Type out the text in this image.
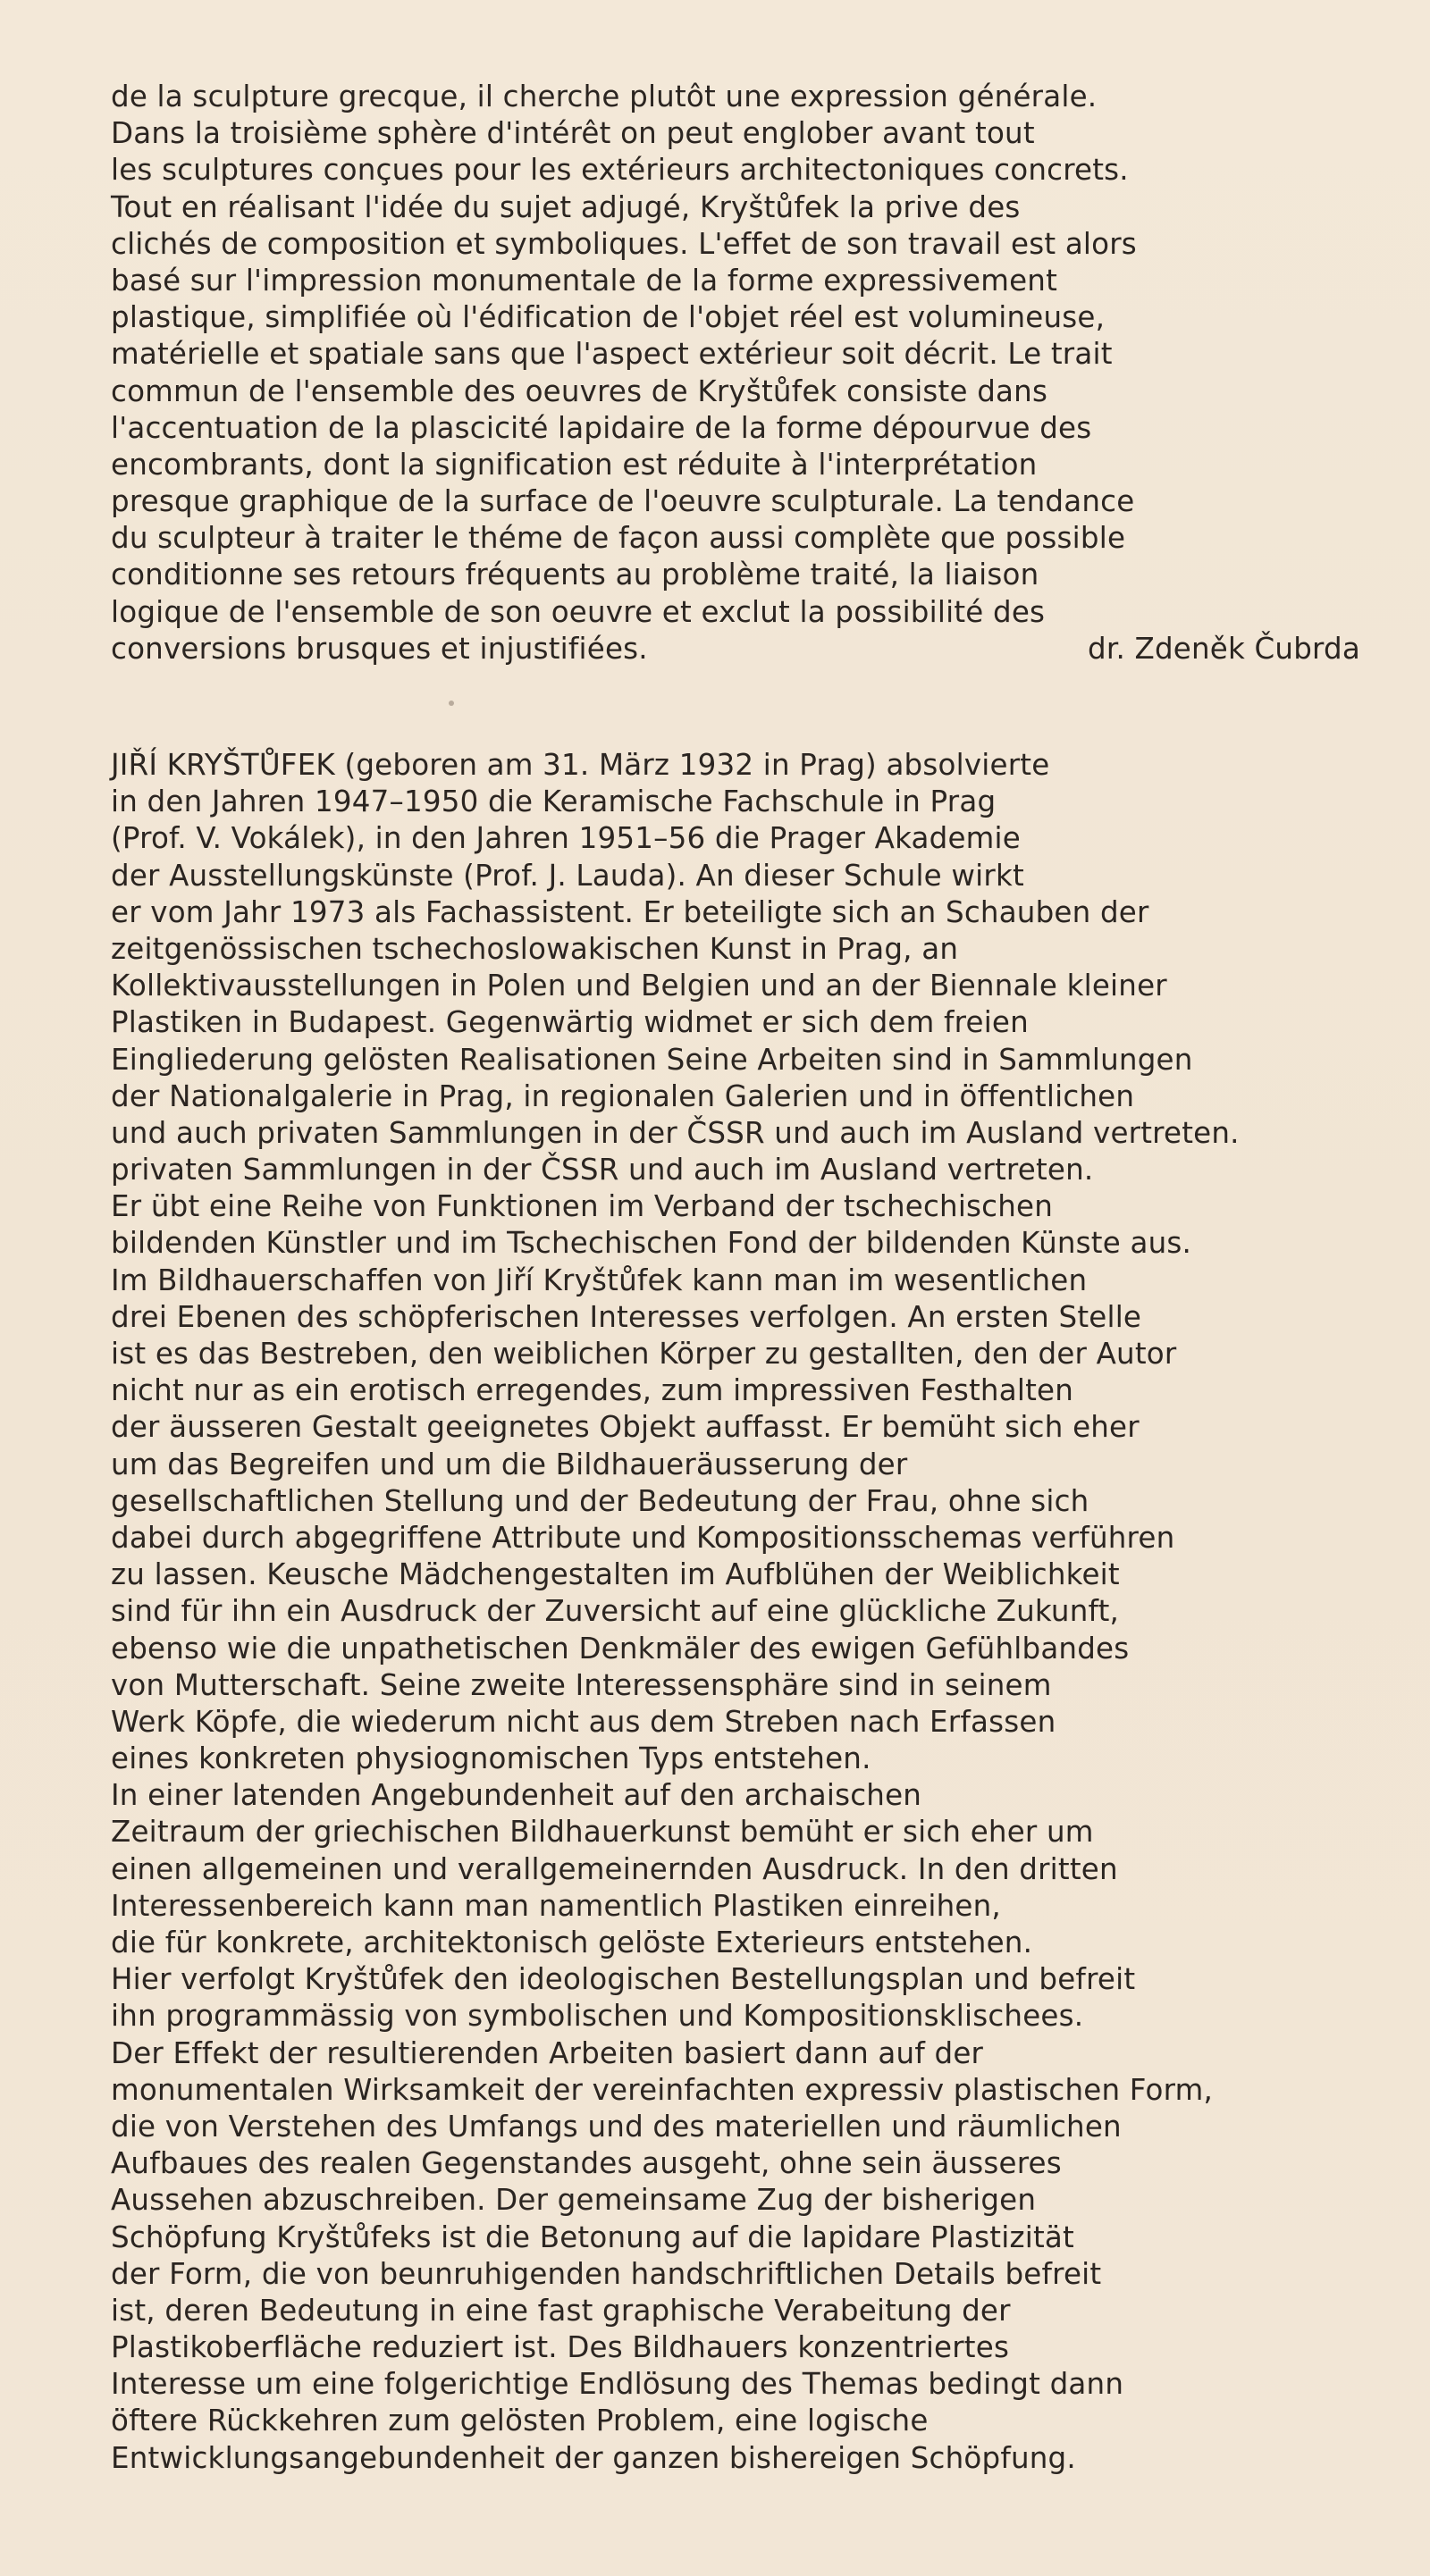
de la sculpture grecque, il cherche plutôt une expression générale.
Dans la troisième sphère d'intérêt on peut englober avant tout
les sculptures conçues pour les extérieurs architectoniques concrets.
Tout en réalisant l'idée du sujet adjugé, Kryštůfek la prive des
clichés de composition et symboliques. L'effet de son travail est alors
basé sur l'impression monumentale de la forme expressivement
plastique, simplifiée où l'édification de l'objet réel est volumineuse,
matérielle et spatiale sans que l'aspect extérieur soit décrit. Le trait
commun de l'ensemble des oeuvres de Kryštůfek consiste dans
l'accentuation de la plascicité lapidaire de la forme dépourvue des
encombrants, dont la signification est réduite à l'interprétation
presque graphique de la surface de l'oeuvre sculpturale. La tendance
du sculpteur à traiter le théme de façon aussi complète que possible
conditionne ses retours fréquents au problème traité, la liaison
logique de l'ensemble de son oeuvre et exclut la possibilité des
conversions brusques et injustifiées.	dr. Zdeněk Čubrda
JIŘÍ KRYŠTŮFEK (geboren am 31. März 1932 in Prag) absolvierte
in den Jahren 1947–1950 die Keramische Fachschule in Prag
(Prof. V. Vokálek), in den Jahren 1951–56 die Prager Akademie
der Ausstellungskünste (Prof. J. Lauda). An dieser Schule wirkt
er vom Jahr 1973 als Fachassistent. Er beteiligte sich an Schauben der
zeitgenössischen tschechoslowakischen Kunst in Prag, an
Kollektivausstellungen in Polen und Belgien und an der Biennale kleiner
Plastiken in Budapest. Gegenwärtig widmet er sich dem freien
Eingliederung gelösten Realisationen Seine Arbeiten sind in Sammlungen
der Nationalgalerie in Prag, in regionalen Galerien und in öffentlichen
und auch privaten Sammlungen in der ČSSR und auch im Ausland vertreten.
privaten Sammlungen in der ČSSR und auch im Ausland vertreten.
Er übt eine Reihe von Funktionen im Verband der tschechischen
bildenden Künstler und im Tschechischen Fond der bildenden Künste aus.
Im Bildhauerschaffen von Jiří Kryštůfek kann man im wesentlichen
drei Ebenen des schöpferischen Interesses verfolgen. An ersten Stelle
ist es das Bestreben, den weiblichen Körper zu gestallten, den der Autor
nicht nur as ein erotisch erregendes, zum impressiven Festhalten
der äusseren Gestalt geeignetes Objekt auffasst. Er bemüht sich eher
um das Begreifen und um die Bildhaueräusserung der
gesellschaftlichen Stellung und der Bedeutung der Frau, ohne sich
dabei durch abgegriffene Attribute und Kompositionsschemas verführen
zu lassen. Keusche Mädchengestalten im Aufblühen der Weiblichkeit
sind für ihn ein Ausdruck der Zuversicht auf eine glückliche Zukunft,
ebenso wie die unpathetischen Denkmäler des ewigen Gefühlbandes
von Mutterschaft. Seine zweite Interessensphäre sind in seinem
Werk Köpfe, die wiederum nicht aus dem Streben nach Erfassen
eines konkreten physiognomischen Typs entstehen.
In einer latenden Angebundenheit auf den archaischen
Zeitraum der griechischen Bildhauerkunst bemüht er sich eher um
einen allgemeinen und verallgemeinernden Ausdruck. In den dritten
Interessenbereich kann man namentlich Plastiken einreihen,
die für konkrete, architektonisch gelöste Exterieurs entstehen.
Hier verfolgt Kryštůfek den ideologischen Bestellungsplan und befreit
ihn programmässig von symbolischen und Kompositionsklischees.
Der Effekt der resultierenden Arbeiten basiert dann auf der
monumentalen Wirksamkeit der vereinfachten expressiv plastischen Form,
die von Verstehen des Umfangs und des materiellen und räumlichen
Aufbaues des realen Gegenstandes ausgeht, ohne sein äusseres
Aussehen abzuschreiben. Der gemeinsame Zug der bisherigen
Schöpfung Kryštůfeks ist die Betonung auf die lapidare Plastizität
der Form, die von beunruhigenden handschriftlichen Details befreit
ist, deren Bedeutung in eine fast graphische Verabeitung der
Plastikoberfläche reduziert ist. Des Bildhauers konzentriertes
Interesse um eine folgerichtige Endlösung des Themas bedingt dann
öftere Rückkehren zum gelösten Problem, eine logische
Entwicklungsangebundenheit der ganzen bishereigen Schöpfung.
